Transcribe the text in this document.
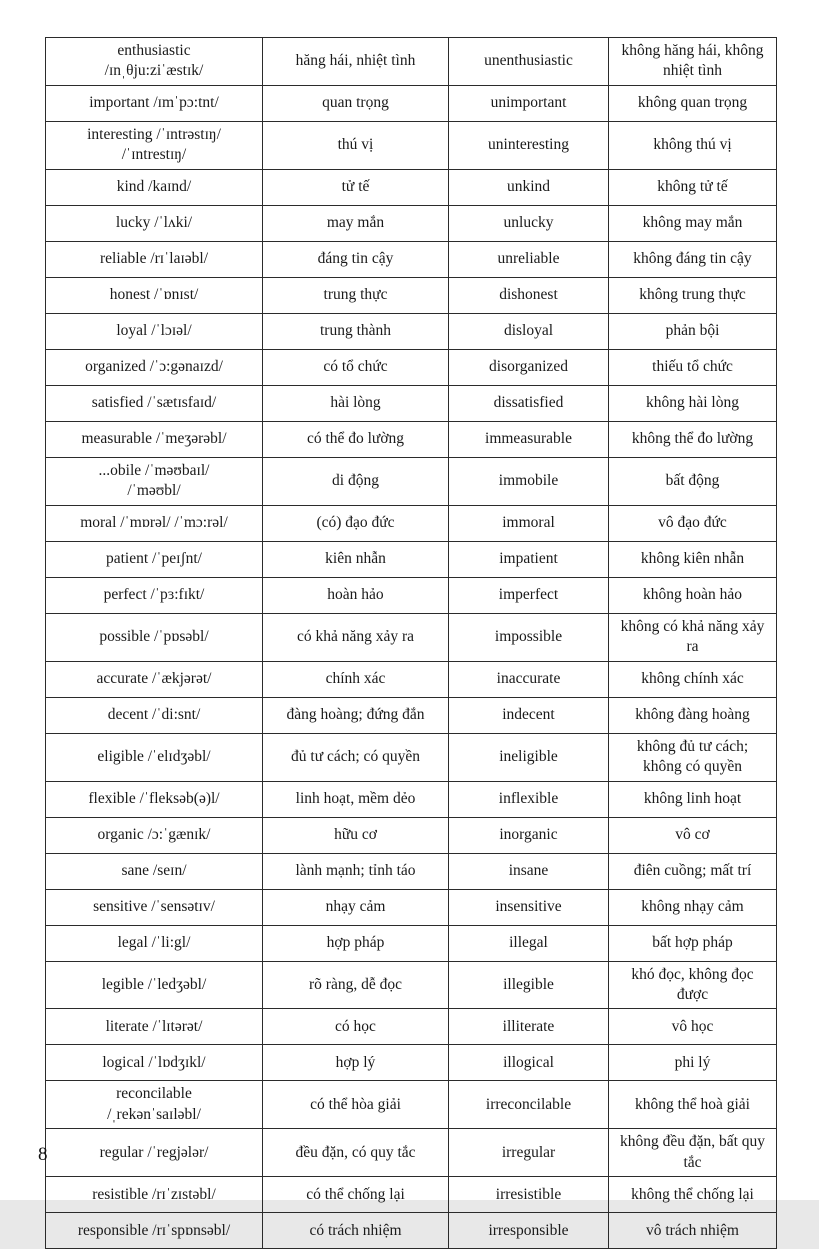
enthusiastic
/ɪnˌθju:ziˈæstɪk/	hăng hái, nhiệt tình	unenthusiastic	không hăng hái, không nhiệt tình

important /ɪmˈpɔ:tnt/	quan trọng	unimportant	không quan trọng

interesting /ˈɪntrəstɪŋ/
/ˈɪntrestɪŋ/	thú vị	uninteresting	không thú vị

kind /kaɪnd/	tử tế	unkind	không tử tế

lucky /ˈlʌki/	may mắn	unlucky	không may mắn

reliable /rɪˈlaɪəbl/	đáng tin cậy	unreliable	không đáng tin cậy

honest /ˈɒnɪst/	trung thực	dishonest	không trung thực

loyal /ˈlɔɪəl/	trung thành	disloyal	phản bội

organized /ˈɔ:gənaɪzd/	có tổ chức	disorganized	thiếu tổ chức

satisfied /ˈsætɪsfaɪd/	hài lòng	dissatisfied	không hài lòng

measurable /ˈmeʒərəbl/	có thể đo lường	immeasurable	không thể đo lường

...obile /ˈməʊbaɪl/
/ˈməʊbl/	di động	immobile	bất động

moral /ˈmɒrəl/ /ˈmɔ:rəl/	(có) đạo đức	immoral	vô đạo đức

patient /ˈpeɪʃnt/	kiên nhẫn	impatient	không kiên nhẫn

perfect /ˈpɜ:fɪkt/	hoàn hảo	imperfect	không hoàn hảo

possible /ˈpɒsəbl/	có khả năng xảy ra	impossible	không có khả năng xảy ra

accurate /ˈækjərət/	chính xác	inaccurate	không chính xác

decent /ˈdi:snt/	đàng hoàng; đứng đắn	indecent	không đàng hoàng

eligible /ˈelɪdʒəbl/	đủ tư cách; có quyền	ineligible	không đủ tư cách; không có quyền

flexible /ˈfleksəb(ə)l/	linh hoạt, mềm dẻo	inflexible	không linh hoạt

organic /ɔ:ˈgænɪk/	hữu cơ	inorganic	vô cơ

sane /seɪn/	lành mạnh; tỉnh táo	insane	điên cuồng; mất trí

sensitive /ˈsensətɪv/	nhạy cảm	insensitive	không nhạy cảm

legal /ˈli:gl/	hợp pháp	illegal	bất hợp pháp

legible /ˈledʒəbl/	rõ ràng, dễ đọc	illegible	khó đọc, không đọc được

literate /ˈlɪtərət/	có học	illiterate	vô học

logical /ˈlɒdʒɪkl/	hợp lý	illogical	phi lý

reconcilable
/ˌrekənˈsaɪləbl/	có thể hòa giải	irreconcilable	không thể hoà giải

regular /ˈregjələr/	đều đặn, có quy tắc	irregular	không đều đặn, bất quy tắc

resistible /rɪˈzɪstəbl/	có thể chống lại	irresistible	không thể chống lại

responsible /rɪˈspɒnsəbl/	có trách nhiệm	irresponsible	vô trách nhiệm
8
